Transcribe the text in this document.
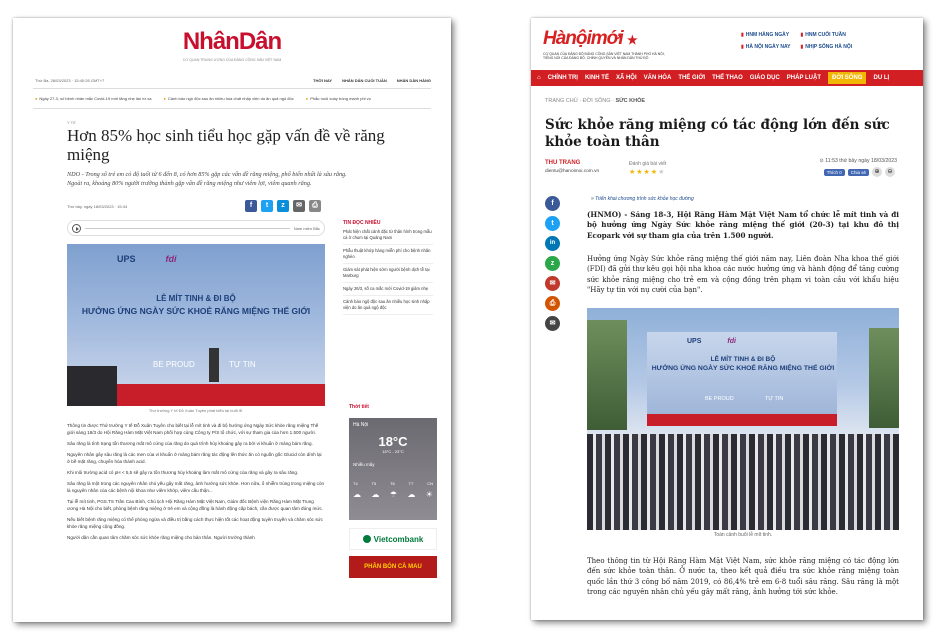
NhânDân
CƠ QUAN TRUNG ƯƠNG CỦA ĐẢNG CỘNG SẢN VIỆT NAM
Thứ Ba, 28/03/2023 · 15:40:26 GMT+7	THỜI NAY	NHÂN DÂN CUỐI TUẦN	NHÂN DÂN HÀNG
● Ngày 27-3, số bệnh nhân mắc Covid-19 mới tăng nhẹ lần từ xa	● Cảnh báo ngộ độc sau ăn nhiều hóa chất nhập viện do ăn quả ngộ độc	● Phẫu nuôi xoáy tròng mạnh phi vọ
Y TẾ
Hơn 85% học sinh tiểu học gặp vấn đề về răng miệng

NDO - Trong số trẻ em có độ tuổi từ 6 đến 8, có hơn 85% gặp các vấn đề răng miệng, phổ biến nhất là sâu răng. Ngoài ra, khoảng 80% người trưởng thành gặp vấn đề răng miệng như viêm lợi, viêm quanh răng.

Thứ bảy, ngày 18/03/2023 · 15:34	f	t	z	✉	⎙
Nam miền Bắc
UPS	fdi
LỄ MÍT TINH & ĐI BỘ
HƯỞNG ỨNG NGÀY SỨC KHOẺ RĂNG MIỆNG THẾ GIỚI
BE PROUD	TỰ TIN
Thứ trưởng Y tế Đỗ Xuân Tuyên phát biểu tại buổi lễ.

Thông tin được Thứ trưởng Y tế Đỗ Xuân Tuyên cho biết tại lễ mít tinh và đi bộ hưởng ứng Ngày Sức khỏe răng miệng Thế giới sáng 18/3 do Hội Răng Hàm Mặt Việt Nam phối hợp cùng Công ty P/S tổ chức, với sự tham gia của hơn 1.500 người.

Sâu răng là tình trạng tổn thương mất mô cứng của răng do quá trình hủy khoáng gây ra bởi vi khuẩn ở mảng bám răng.

Nguyên nhân gây sâu răng là các men của vi khuẩn ở mảng bám răng tác động lên thức ăn có nguồn gốc Glucid còn dính lại ở bề mặt răng, chuyển hóa thành acid.

Khi môi trường acid có pH < 5,5 sẽ gây ra tổn thương hủy khoáng làm mất mô cứng của răng và gây ra sâu răng.

Sâu răng là một trong các nguyên nhân chủ yếu gây mất răng, ảnh hưởng sức khỏe. Hơn nữa, ổ nhiễm trùng trong miệng còn là nguyên nhân của các bệnh nội khoa như viêm khớp, viêm cầu thận...

Tại lễ mít tinh, PGS.TS Trần Cao Bính, Chủ tịch Hội Răng Hàm Mặt Việt Nam, Giám đốc Bệnh viện Răng Hàm Mặt Trung ương Hà Nội cho biết, phòng bệnh răng miệng ở trẻ em và cộng đồng là hành động cấp bách, cần được quan tâm đúng mức.

Nếu biết bệnh răng miệng có thể phòng ngừa và điều trị bằng cách thực hiện tốt các hoạt động tuyên truyền và chăm sóc sức khỏe răng miệng cộng đồng.

Người dân cần quan tâm chăm sóc sức khỏe răng miệng cho bản thân. Người trưởng thành

TIN ĐỌC NHIỀU
Phát hiện chất cảnh đặc từ thân hình trong mẫu cá ở chum tại Quảng Nam
Phẫu thuật khớp háng miễn phí cho bệnh nhân nghèo
Giám sát phát hiện sớm người bệnh dịch tễ tại Marburg
Ngày 26/3, số ca mắc mới Covid-19 giảm nhẹ
Cảnh báo ngộ độc sau ăn nhiều học sinh nhập viện do ăn quả ngộ độc
Thời tiết
Hà Nội
18°C
18°C - 23°C
Nhiều mây
T4	T5	T6	T7	CN
☁ ☁ ☂ ☁ ☀
Vietcombank
PHÂN BÓN CÀ MAU
Hànộimới ★
CƠ QUAN CỦA ĐẢNG BỘ ĐẢNG CỘNG SẢN VIỆT NAM THÀNH PHỐ HÀ NỘI, TIẾNG NÓI CỦA ĐẢNG BỘ, CHÍNH QUYỀN VÀ NHÂN DÂN THỦ ĐÔ
▮ HNM HÀNG NGÀY	▮ HNM CUỐI TUẦN
▮ HÀ NỘI NGÀY NAY	▮ NHỊP SỐNG HÀ NỘI
⌂ CHÍNH TRỊ KINH TẾ XÃ HỘI VĂN HÓA THẾ GIỚI THỂ THAO GIÁO DỤC PHÁP LUẬT	ĐỜI SỐNG	DU LỊ
TRANG CHỦ · ĐỜI SỐNG · SỨC KHỎE
Sức khỏe răng miệng có tác động lớn đến sức khỏe toàn thân
THU TRANG
dientu@hanoimoi.com.vn
Đánh giá bài viết
★★★★★
⊙ 11:53 thứ bảy ngày 18/03/2023
Thích 0	Chia sẻ	⊕	⊖
f
t
in
z
✉
⎙
✉
» Triển khai chương trình sức khỏe học đường

(HNMO) - Sáng 18-3, Hội Răng Hàm Mặt Việt Nam tổ chức lễ mít tinh và đi bộ hưởng ứng Ngày Sức khỏe răng miệng thế giới (20-3) tại khu đô thị Ecopark với sự tham gia của trên 1.500 người.

Hưởng ứng Ngày Sức khỏe răng miệng thế giới năm nay, Liên đoàn Nha khoa thế giới (FDI) đã gửi thư kêu gọi hội nha khoa các nước hưởng ứng và hành động để tăng cường sức khỏe răng miệng cho trẻ em và cộng đồng trên phạm vi toàn cầu với khẩu hiệu "Hãy tự tin với nụ cười của bạn".

UPS	fdi
LỄ MÍT TINH & ĐI BỘ
HƯỞNG ỨNG NGÀY SỨC KHOẺ RĂNG MIỆNG THẾ GIỚI
BE PROUD	TỰ TIN
Toàn cảnh buổi lễ mít tinh.

Theo thông tin từ Hội Răng Hàm Mặt Việt Nam, sức khỏe răng miệng có tác động lớn đến sức khỏe toàn thân. Ở nước ta, theo kết quả điều tra sức khỏe răng miệng toàn quốc lần thứ 3 công bố năm 2019, có 86,4% trẻ em 6-8 tuổi sâu răng. Sâu răng là một trong các nguyên nhân chủ yếu gây mất răng, ảnh hưởng tới sức khỏe.
